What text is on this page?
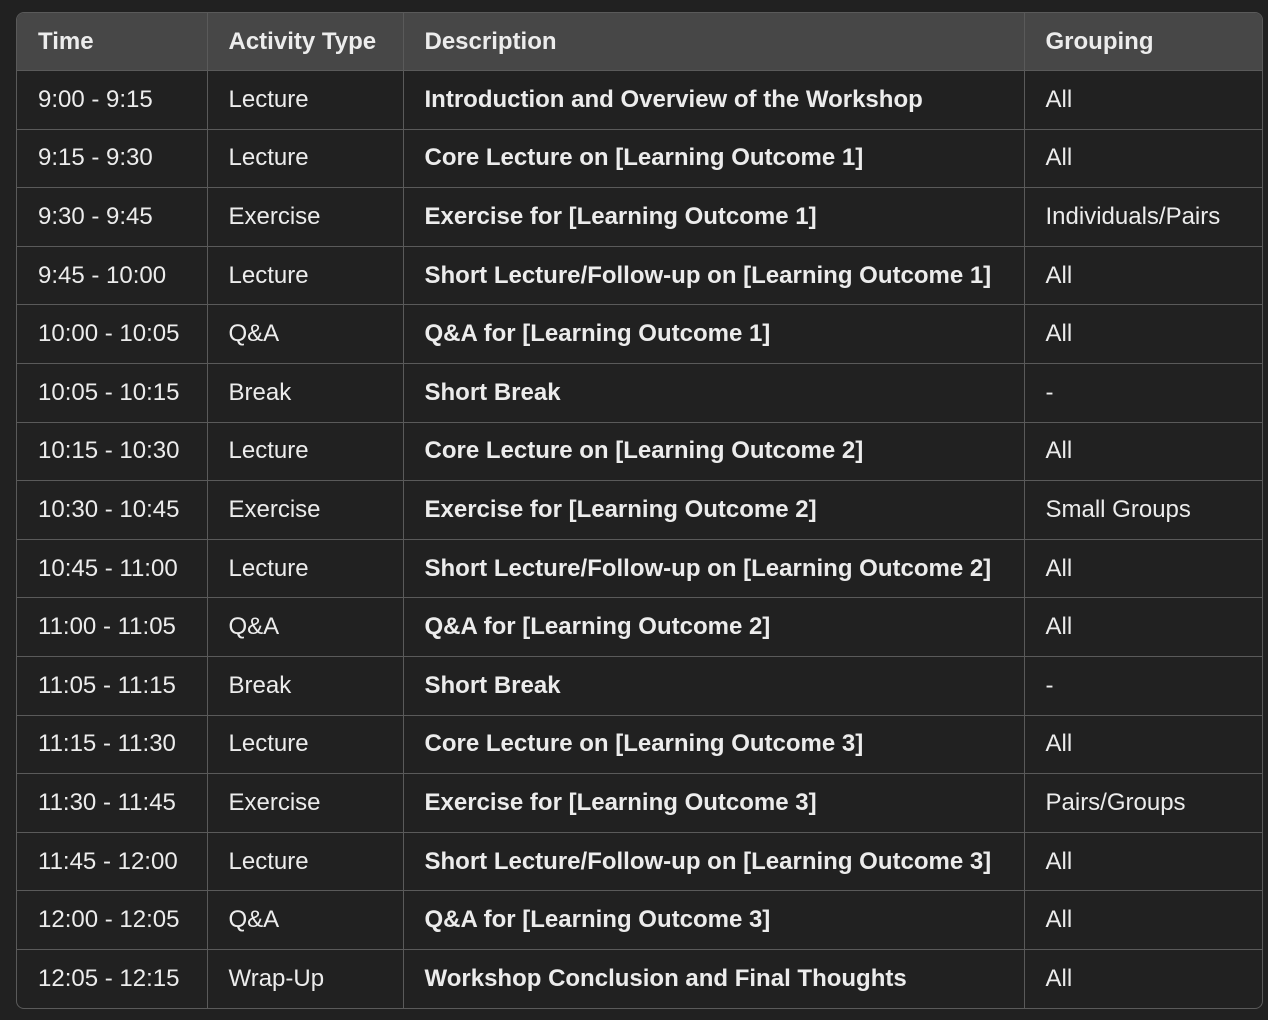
Time	Activity Type	Description	Grouping
9:00 - 9:15	Lecture	Introduction and Overview of the Workshop	All
9:15 - 9:30	Lecture	Core Lecture on [Learning Outcome 1]	All
9:30 - 9:45	Exercise	Exercise for [Learning Outcome 1]	Individuals/Pairs
9:45 - 10:00	Lecture	Short Lecture/Follow-up on [Learning Outcome 1]	All
10:00 - 10:05	Q&A	Q&A for [Learning Outcome 1]	All
10:05 - 10:15	Break	Short Break	-
10:15 - 10:30	Lecture	Core Lecture on [Learning Outcome 2]	All
10:30 - 10:45	Exercise	Exercise for [Learning Outcome 2]	Small Groups
10:45 - 11:00	Lecture	Short Lecture/Follow-up on [Learning Outcome 2]	All
11:00 - 11:05	Q&A	Q&A for [Learning Outcome 2]	All
11:05 - 11:15	Break	Short Break	-
11:15 - 11:30	Lecture	Core Lecture on [Learning Outcome 3]	All
11:30 - 11:45	Exercise	Exercise for [Learning Outcome 3]	Pairs/Groups
11:45 - 12:00	Lecture	Short Lecture/Follow-up on [Learning Outcome 3]	All
12:00 - 12:05	Q&A	Q&A for [Learning Outcome 3]	All
12:05 - 12:15	Wrap-Up	Workshop Conclusion and Final Thoughts	All
